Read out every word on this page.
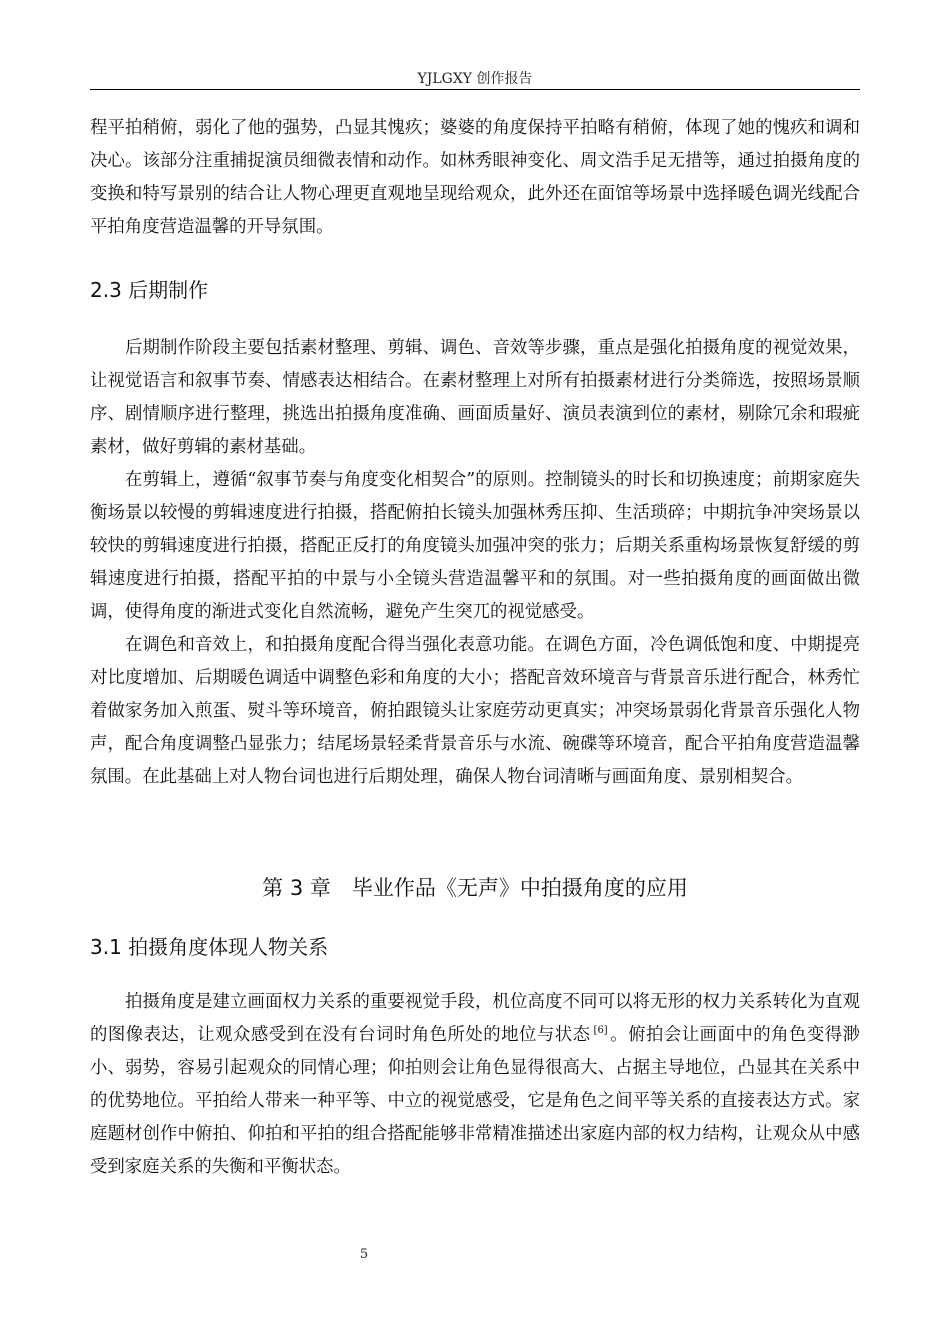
YJLGXY 创作报告

程平拍稍俯，弱化了他的强势，凸显其愧疚；婆婆的角度保持平拍略有稍俯，体现了她的愧疚和调和决心。该部分注重捕捉演员细微表情和动作。如林秀眼神变化、周文浩手足无措等，通过拍摄角度的变换和特写景别的结合让人物心理更直观地呈现给观众，此外还在面馆等场景中选择暖色调光线配合平拍角度营造温馨的开导氛围。

2.3 后期制作

后期制作阶段主要包括素材整理、剪辑、调色、音效等步骤，重点是强化拍摄角度的视觉效果，让视觉语言和叙事节奏、情感表达相结合。在素材整理上对所有拍摄素材进行分类筛选，按照场景顺序、剧情顺序进行整理，挑选出拍摄角度准确、画面质量好、演员表演到位的素材，剔除冗余和瑕疵素材，做好剪辑的素材基础。

在剪辑上，遵循“叙事节奏与角度变化相契合”的原则。控制镜头的时长和切换速度；前期家庭失衡场景以较慢的剪辑速度进行拍摄，搭配俯拍长镜头加强林秀压抑、生活琐碎；中期抗争冲突场景以较快的剪辑速度进行拍摄，搭配正反打的角度镜头加强冲突的张力；后期关系重构场景恢复舒缓的剪辑速度进行拍摄，搭配平拍的中景与小全镜头营造温馨平和的氛围。对一些拍摄角度的画面做出微调，使得角度的渐进式变化自然流畅，避免产生突兀的视觉感受。

在调色和音效上，和拍摄角度配合得当强化表意功能。在调色方面，冷色调低饱和度、中期提亮对比度增加、后期暖色调适中调整色彩和角度的大小；搭配音效环境音与背景音乐进行配合，林秀忙着做家务加入煎蛋、熨斗等环境音，俯拍跟镜头让家庭劳动更真实；冲突场景弱化背景音乐强化人物声，配合角度调整凸显张力；结尾场景轻柔背景音乐与水流、碗碟等环境音，配合平拍角度营造温馨氛围。在此基础上对人物台词也进行后期处理，确保人物台词清晰与画面角度、景别相契合。

第 3 章　毕业作品《无声》中拍摄角度的应用
3.1 拍摄角度体现人物关系

拍摄角度是建立画面权力关系的重要视觉手段，机位高度不同可以将无形的权力关系转化为直观的图像表达，让观众感受到在没有台词时角色所处的地位与状态 [6] 。俯拍会让画面中的角色变得渺小、弱势，容易引起观众的同情心理；仰拍则会让角色显得很高大、占据主导地位，凸显其在关系中的优势地位。平拍给人带来一种平等、中立的视觉感受，它是角色之间平等关系的直接表达方式。家庭题材创作中俯拍、仰拍和平拍的组合搭配能够非常精准描述出家庭内部的权力结构，让观众从中感受到家庭关系的失衡和平衡状态。

5
